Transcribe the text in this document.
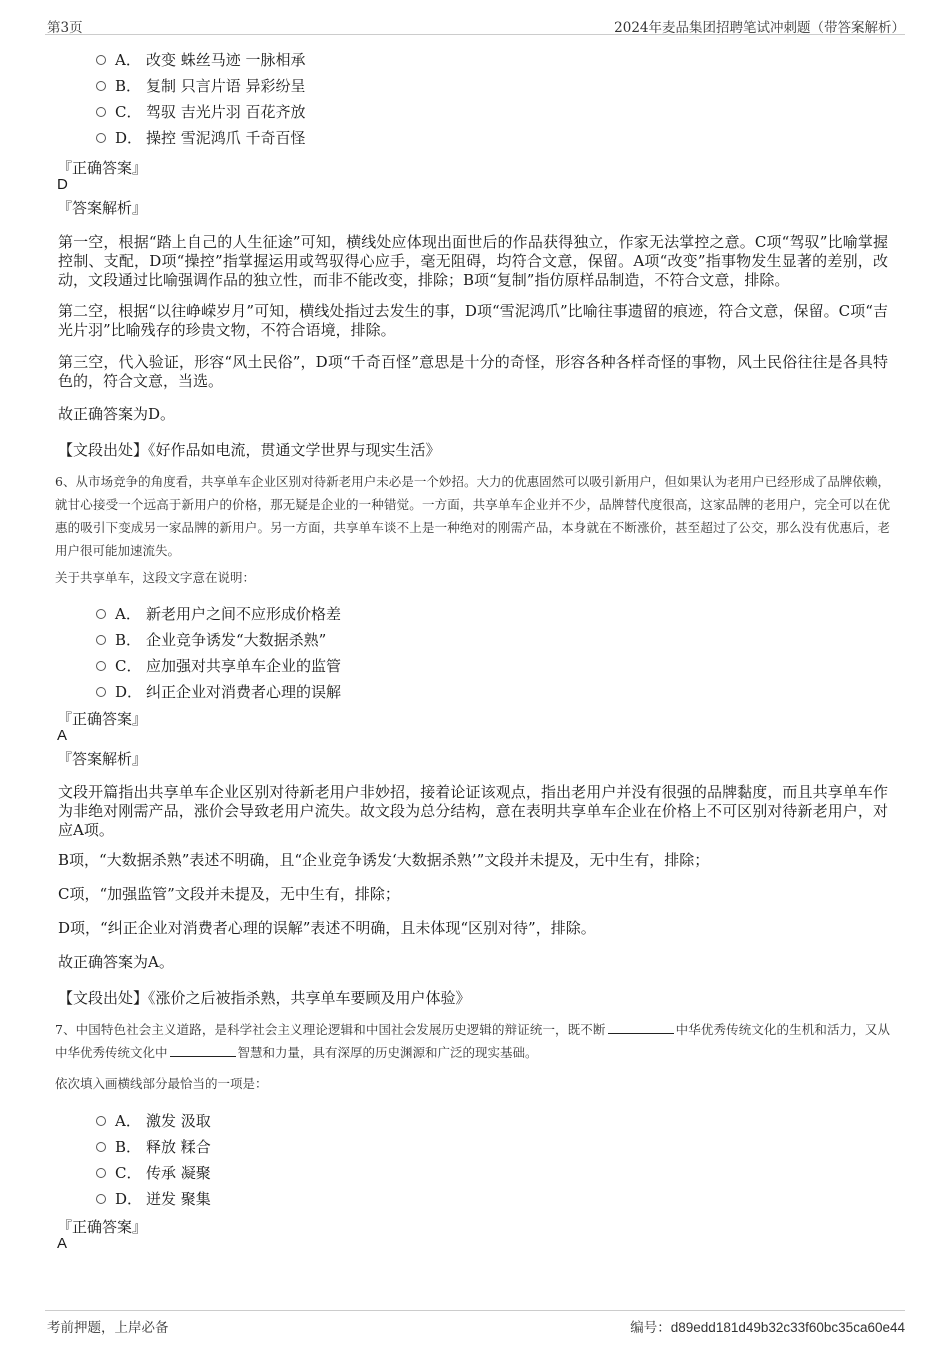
第3页	2024年麦品集团招聘笔试冲刺题（带答案解析）
A． 改变 蛛丝马迹 一脉相承
B． 复制 只言片语 异彩纷呈
C． 驾驭 吉光片羽 百花齐放
D． 操控 雪泥鸿爪 千奇百怪
『正确答案』
D
『答案解析』
第一空，根据“踏上自己的人生征途”可知，横线处应体现出面世后的作品获得独立，作家无法掌控之意。C项“驾驭”比喻掌握控制、支配，D项“操控”指掌握运用或驾驭得心应手，毫无阻碍，均符合文意，保留。A项“改变”指事物发生显著的差别，改动，文段通过比喻强调作品的独立性，而非不能改变，排除；B项“复制”指仿原样品制造，不符合文意，排除。
第二空，根据“以往峥嵘岁月”可知，横线处指过去发生的事，D项“雪泥鸿爪”比喻往事遗留的痕迹，符合文意，保留。C项“吉光片羽”比喻残存的珍贵文物，不符合语境，排除。
第三空，代入验证，形容“风土民俗”，D项“千奇百怪”意思是十分的奇怪，形容各种各样奇怪的事物，风土民俗往往是各具特色的，符合文意，当选。
故正确答案为D。
【文段出处】《好作品如电流，贯通文学世界与现实生活》
6、从市场竞争的角度看，共享单车企业区别对待新老用户未必是一个妙招。大力的优惠固然可以吸引新用户，但如果认为老用户已经形成了品牌依赖，就甘心接受一个远高于新用户的价格，那无疑是企业的一种错觉。一方面，共享单车企业并不少，品牌替代度很高，这家品牌的老用户，完全可以在优惠的吸引下变成另一家品牌的新用户。另一方面，共享单车谈不上是一种绝对的刚需产品，本身就在不断涨价，甚至超过了公交，那么没有优惠后，老用户很可能加速流失。
关于共享单车，这段文字意在说明：
A． 新老用户之间不应形成价格差
B． 企业竞争诱发“大数据杀熟”
C． 应加强对共享单车企业的监管
D． 纠正企业对消费者心理的误解
『正确答案』
A
『答案解析』
文段开篇指出共享单车企业区别对待新老用户非妙招，接着论证该观点，指出老用户并没有很强的品牌黏度，而且共享单车作为非绝对刚需产品，涨价会导致老用户流失。故文段为总分结构，意在表明共享单车企业在价格上不可区别对待新老用户，对应A项。
B项，“大数据杀熟”表述不明确，且“企业竞争诱发‘大数据杀熟’”文段并未提及，无中生有，排除；
C项，“加强监管”文段并未提及，无中生有，排除；
D项，“纠正企业对消费者心理的误解”表述不明确，且未体现“区别对待”，排除。
故正确答案为A。
【文段出处】《涨价之后被指杀熟，共享单车要顾及用户体验》
7、中国特色社会主义道路，是科学社会主义理论逻辑和中国社会发展历史逻辑的辩证统一，既不断	中华优秀传统文化的生机和活力，又从中华优秀传统文化中	智慧和力量，具有深厚的历史渊源和广泛的现实基础。
依次填入画横线部分最恰当的一项是：
A． 激发 汲取
B． 释放 糅合
C． 传承 凝聚
D． 迸发 聚集
『正确答案』
A
考前押题，上岸必备	编号：d89edd181d49b32c33f60bc35ca60e44
